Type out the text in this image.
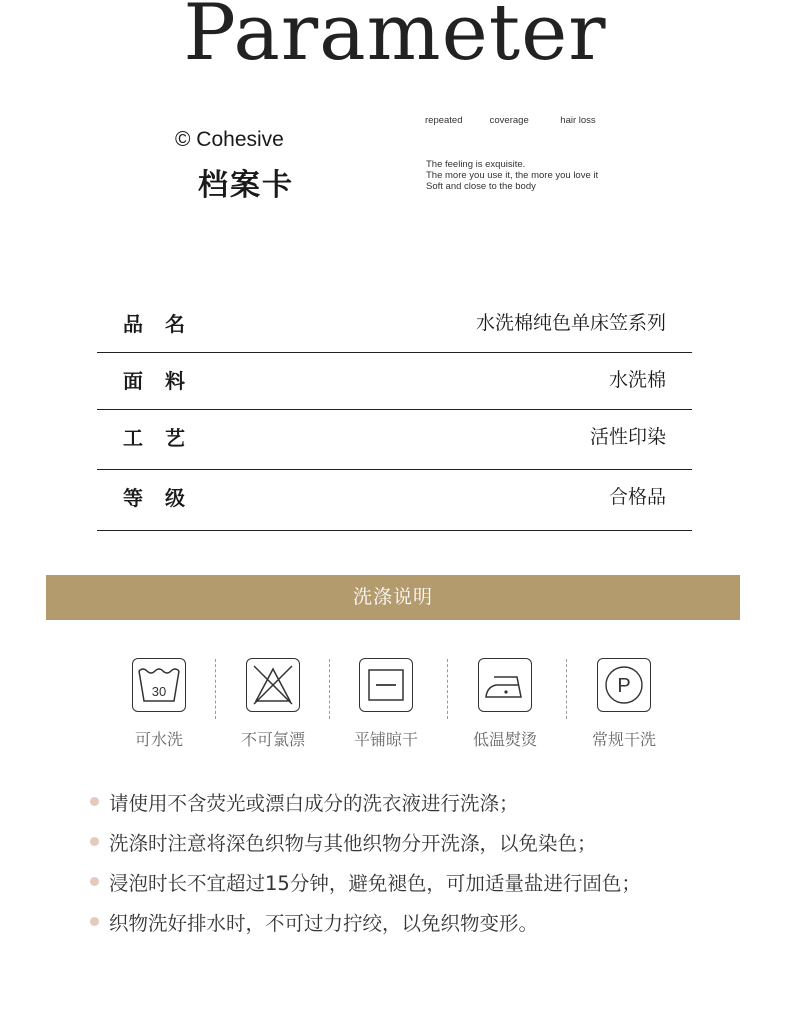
Parameter
© Cohesive
档案卡
repeated	coverage	hair loss
The feeling is exquisite.
The more you use it, the more you love it
Soft and close to the body
品名	水洗棉纯色单床笠系列
面料	水洗棉
工艺	活性印染
等级	合格品
洗涤说明
30
可水洗	不可氯漂	平铺晾干	低温熨烫
P
常规干洗
请使用不含荧光或漂白成分的洗衣液进行洗涤；
洗涤时注意将深色织物与其他织物分开洗涤，以免染色；
浸泡时长不宜超过15分钟，避免褪色，可加适量盐进行固色；
织物洗好排水时，不可过力拧绞，以免织物变形。
